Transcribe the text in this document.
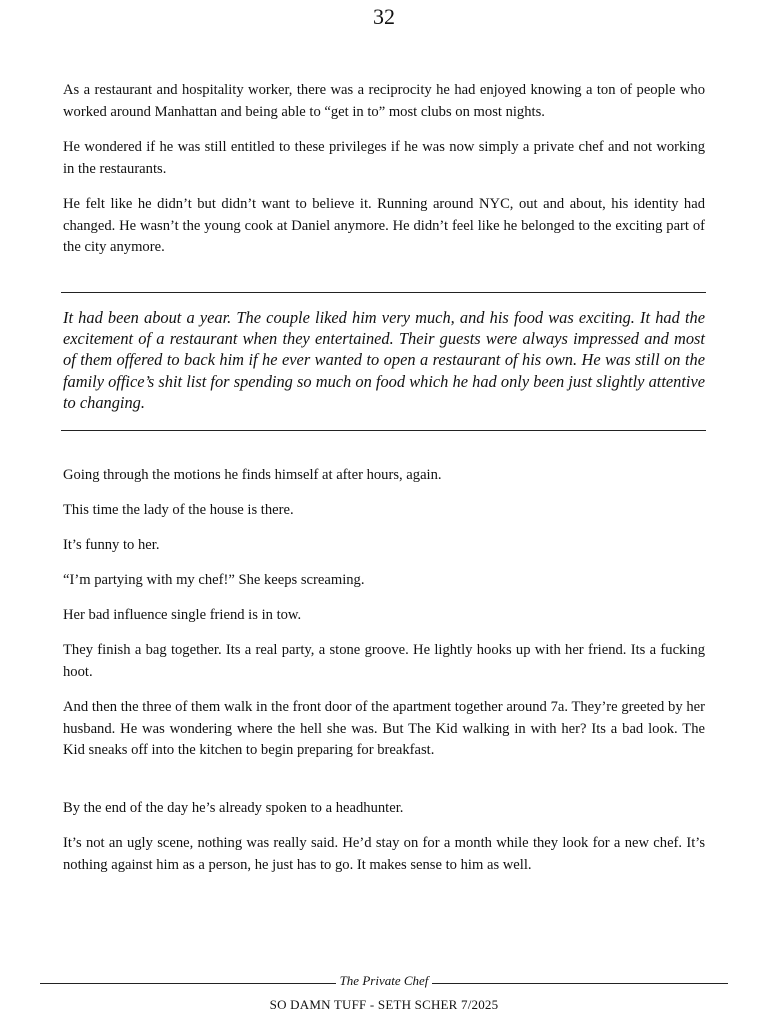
32

As a restaurant and hospitality worker, there was a reciprocity he had enjoyed knowing a ton of people who worked around Manhattan and being able to “get in to” most clubs on most nights.

He wondered if he was still entitled to these privileges if he was now simply a private chef and not working in the restaurants.

He felt like he didn’t but didn’t want to believe it. Running around NYC, out and about, his identity had changed. He wasn’t the young cook at Daniel anymore. He didn’t feel like he belonged to the exciting part of the city anymore.

It had been about a year. The couple liked him very much, and his food was exciting. It had the excitement of a restaurant when they entertained. Their guests were always impressed and most of them offered to back him if he ever wanted to open a restaurant of his own. He was still on the family office’s shit list for spending so much on food which he had only been just slightly attentive to changing.

Going through the motions he finds himself at after hours, again.

This time the lady of the house is there.

It’s funny to her.

“I’m partying with my chef!” She keeps screaming.

Her bad influence single friend is in tow.

They finish a bag together. Its a real party, a stone groove. He lightly hooks up with her friend. Its a fucking hoot.

And then the three of them walk in the front door of the apartment together around 7a. They’re greeted by her husband. He was wondering where the hell she was. But The Kid walking in with her? Its a bad look. The Kid sneaks off into the kitchen to begin preparing for breakfast.

By the end of the day he’s already spoken to a headhunter.

It’s not an ugly scene, nothing was really said. He’d stay on for a month while they look for a new chef. It’s nothing against him as a person, he just has to go. It makes sense to him as well.

The Private Chef
SO DAMN TUFF - SETH SCHER 7/2025
